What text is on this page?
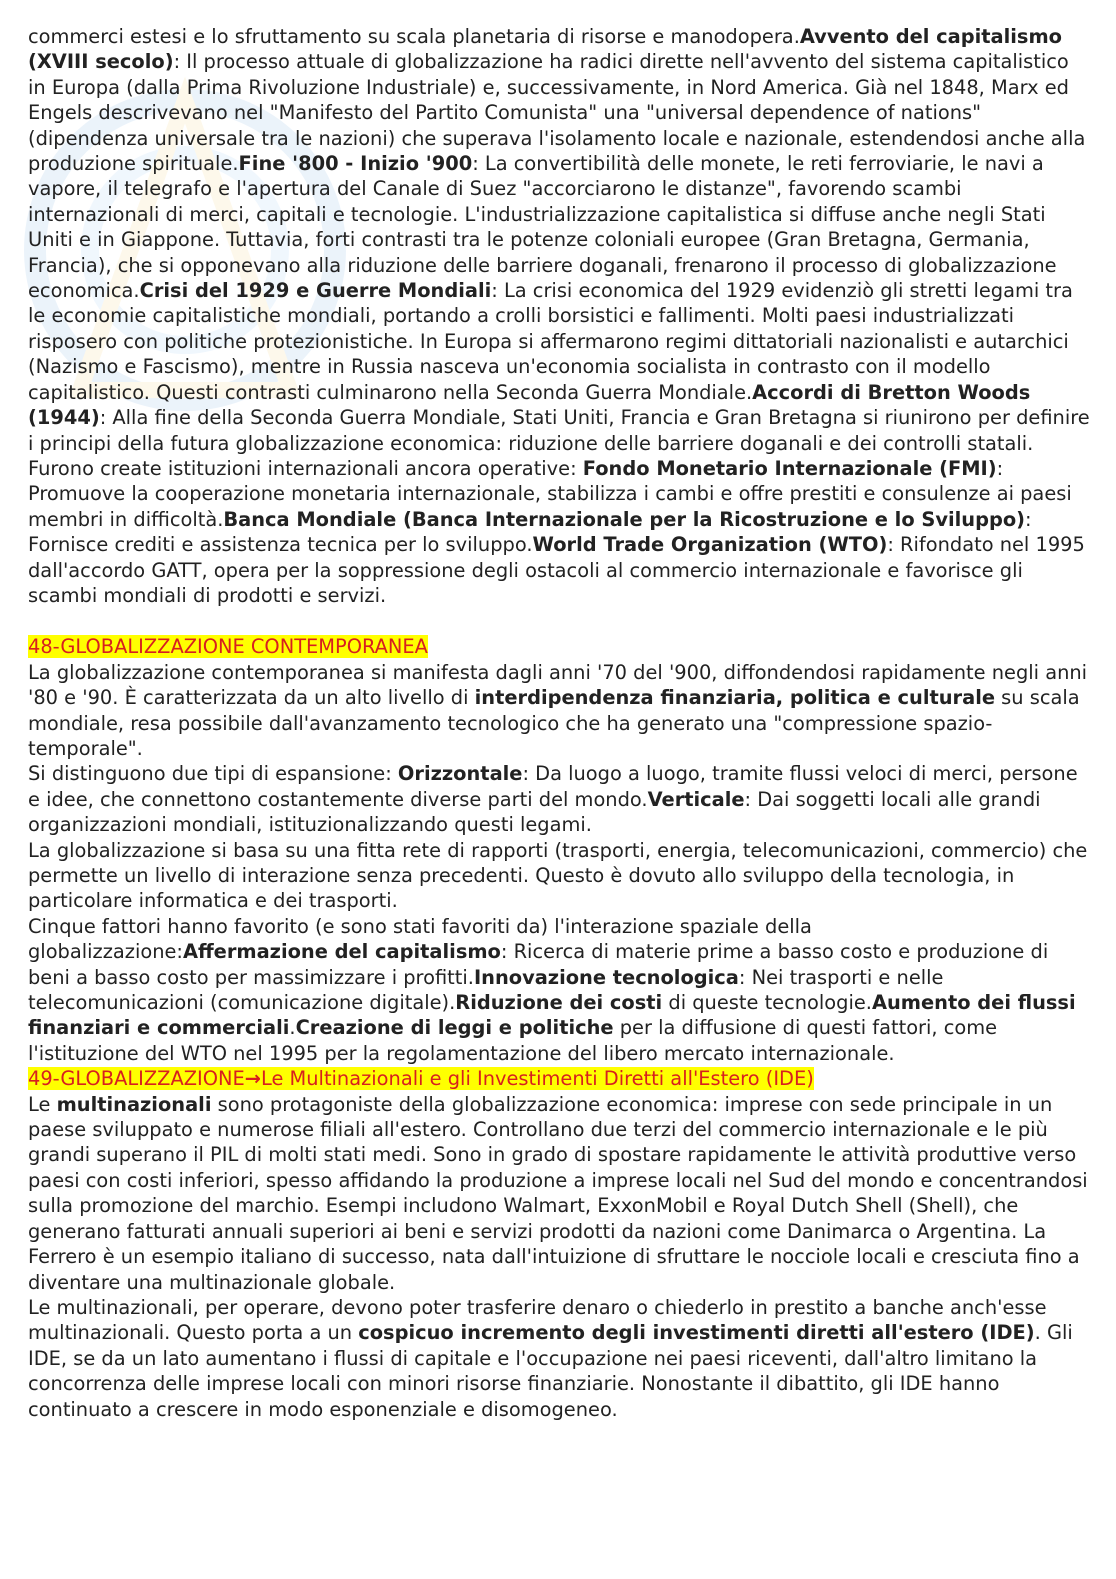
commerci estesi e lo sfruttamento su scala planetaria di risorse e manodopera.Avvento del capitalismo (XVIII secolo): Il processo attuale di globalizzazione ha radici dirette nell'avvento del sistema capitalistico in Europa (dalla Prima Rivoluzione Industriale) e, successivamente, in Nord America. Già nel 1848, Marx ed Engels descrivevano nel "Manifesto del Partito Comunista" una "universal dependence of nations" (dipendenza universale tra le nazioni) che superava l'isolamento locale e nazionale, estendendosi anche alla produzione spirituale.Fine '800 - Inizio '900: La convertibilità delle monete, le reti ferroviarie, le navi a vapore, il telegrafo e l'apertura del Canale di Suez "accorciarono le distanze", favorendo scambi internazionali di merci, capitali e tecnologie. L'industrializzazione capitalistica si diffuse anche negli Stati Uniti e in Giappone. Tuttavia, forti contrasti tra le potenze coloniali europee (Gran Bretagna, Germania, Francia), che si opponevano alla riduzione delle barriere doganali, frenarono il processo di globalizzazione economica.Crisi del 1929 e Guerre Mondiali: La crisi economica del 1929 evidenziò gli stretti legami tra le economie capitalistiche mondiali, portando a crolli borsistici e fallimenti. Molti paesi industrializzati risposero con politiche protezionistiche. In Europa si affermarono regimi dittatoriali nazionalisti e autarchici (Nazismo e Fascismo), mentre in Russia nasceva un'economia socialista in contrasto con il modello capitalistico. Questi contrasti culminarono nella Seconda Guerra Mondiale.Accordi di Bretton Woods (1944): Alla fine della Seconda Guerra Mondiale, Stati Uniti, Francia e Gran Bretagna si riunirono per definire i principi della futura globalizzazione economica: riduzione delle barriere doganali e dei controlli statali. Furono create istituzioni internazionali ancora operative: Fondo Monetario Internazionale (FMI): Promuove la cooperazione monetaria internazionale, stabilizza i cambi e offre prestiti e consulenze ai paesi membri in difficoltà.Banca Mondiale (Banca Internazionale per la Ricostruzione e lo Sviluppo): Fornisce crediti e assistenza tecnica per lo sviluppo.World Trade Organization (WTO): Rifondato nel 1995 dall'accordo GATT, opera per la soppressione degli ostacoli al commercio internazionale e favorisce gli scambi mondiali di prodotti e servizi.

48-GLOBALIZZAZIONE CONTEMPORANEA

La globalizzazione contemporanea si manifesta dagli anni '70 del '900, diffondendosi rapidamente negli anni '80 e '90. È caratterizzata da un alto livello di interdipendenza finanziaria, politica e culturale su scala mondiale, resa possibile dall'avanzamento tecnologico che ha generato una "compressione spazio-temporale".

Si distinguono due tipi di espansione: Orizzontale: Da luogo a luogo, tramite flussi veloci di merci, persone e idee, che connettono costantemente diverse parti del mondo.Verticale: Dai soggetti locali alle grandi organizzazioni mondiali, istituzionalizzando questi legami.

La globalizzazione si basa su una fitta rete di rapporti (trasporti, energia, telecomunicazioni, commercio) che permette un livello di interazione senza precedenti. Questo è dovuto allo sviluppo della tecnologia, in particolare informatica e dei trasporti.

Cinque fattori hanno favorito (e sono stati favoriti da) l'interazione spaziale della globalizzazione:Affermazione del capitalismo: Ricerca di materie prime a basso costo e produzione di beni a basso costo per massimizzare i profitti.Innovazione tecnologica: Nei trasporti e nelle telecomunicazioni (comunicazione digitale).Riduzione dei costi di queste tecnologie.Aumento dei flussi finanziari e commerciali.Creazione di leggi e politiche per la diffusione di questi fattori, come l'istituzione del WTO nel 1995 per la regolamentazione del libero mercato internazionale.

49-GLOBALIZZAZIONE→Le Multinazionali e gli Investimenti Diretti all'Estero (IDE)

Le multinazionali sono protagoniste della globalizzazione economica: imprese con sede principale in un paese sviluppato e numerose filiali all'estero. Controllano due terzi del commercio internazionale e le più grandi superano il PIL di molti stati medi. Sono in grado di spostare rapidamente le attività produttive verso paesi con costi inferiori, spesso affidando la produzione a imprese locali nel Sud del mondo e concentrandosi sulla promozione del marchio. Esempi includono Walmart, ExxonMobil e Royal Dutch Shell (Shell), che generano fatturati annuali superiori ai beni e servizi prodotti da nazioni come Danimarca o Argentina. La Ferrero è un esempio italiano di successo, nata dall'intuizione di sfruttare le nocciole locali e cresciuta fino a diventare una multinazionale globale.

Le multinazionali, per operare, devono poter trasferire denaro o chiederlo in prestito a banche anch'esse multinazionali. Questo porta a un cospicuo incremento degli investimenti diretti all'estero (IDE). Gli IDE, se da un lato aumentano i flussi di capitale e l'occupazione nei paesi riceventi, dall'altro limitano la concorrenza delle imprese locali con minori risorse finanziarie. Nonostante il dibattito, gli IDE hanno continuato a crescere in modo esponenziale e disomogeneo.
